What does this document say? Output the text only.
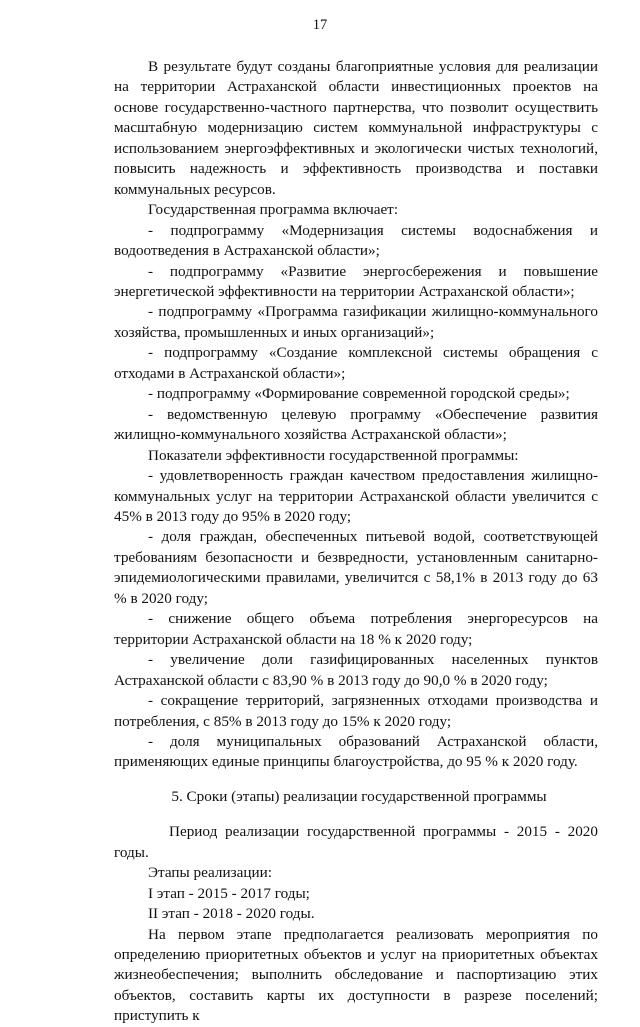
17

В результате будут созданы благоприятные условия для реализации на территории Астраханской области инвестиционных проектов на основе государственно-частного партнерства, что позволит осуществить масштабную модернизацию систем коммунальной инфраструктуры с использованием энергоэффективных и экологически чистых технологий, повысить надежность и эффективность производства и поставки коммунальных ресурсов.

Государственная программа включает:

- подпрограмму «Модернизация системы водоснабжения и водоотведения в Астраханской области»;

- подпрограмму «Развитие энергосбережения и повышение энергетической эффективности на территории Астраханской области»;

- подпрограмму «Программа газификации жилищно-коммунального хозяйства, промышленных и иных организаций»;

- подпрограмму «Создание комплексной системы обращения с отходами в Астраханской области»;

- подпрограмму «Формирование современной городской среды»;

- ведомственную целевую программу «Обеспечение развития жилищно-коммунального хозяйства Астраханской области»;

Показатели эффективности государственной программы:

- удовлетворенность граждан качеством предоставления жилищно-коммунальных услуг на территории Астраханской области увеличится с 45% в 2013 году до 95% в 2020 году;

- доля граждан, обеспеченных питьевой водой, соответствующей требованиям безопасности и безвредности, установленным санитарно-эпидемиологическими правилами, увеличится с 58,1% в 2013 году до 63 % в 2020 году;

- снижение общего объема потребления энергоресурсов на территории Астраханской области на 18 % к 2020 году;

- увеличение доли газифицированных населенных пунктов Астраханской области с 83,90 % в 2013 году до 90,0 % в 2020 году;

- сокращение территорий, загрязненных отходами производства и потребления, с 85% в 2013 году до 15% к 2020 году;

- доля муниципальных образований Астраханской области, применяющих единые принципы благоустройства, до 95 % к 2020 году.

5. Сроки (этапы) реализации государственной программы

Период реализации государственной программы - 2015 - 2020 годы.

Этапы реализации:

I этап - 2015 - 2017 годы;

II этап - 2018 - 2020 годы.

На первом этапе предполагается реализовать мероприятия по определению приоритетных объектов и услуг на приоритетных объектах жизнеобеспечения; выполнить обследование и паспортизацию этих объектов, составить карты их доступности в разрезе поселений; приступить к
